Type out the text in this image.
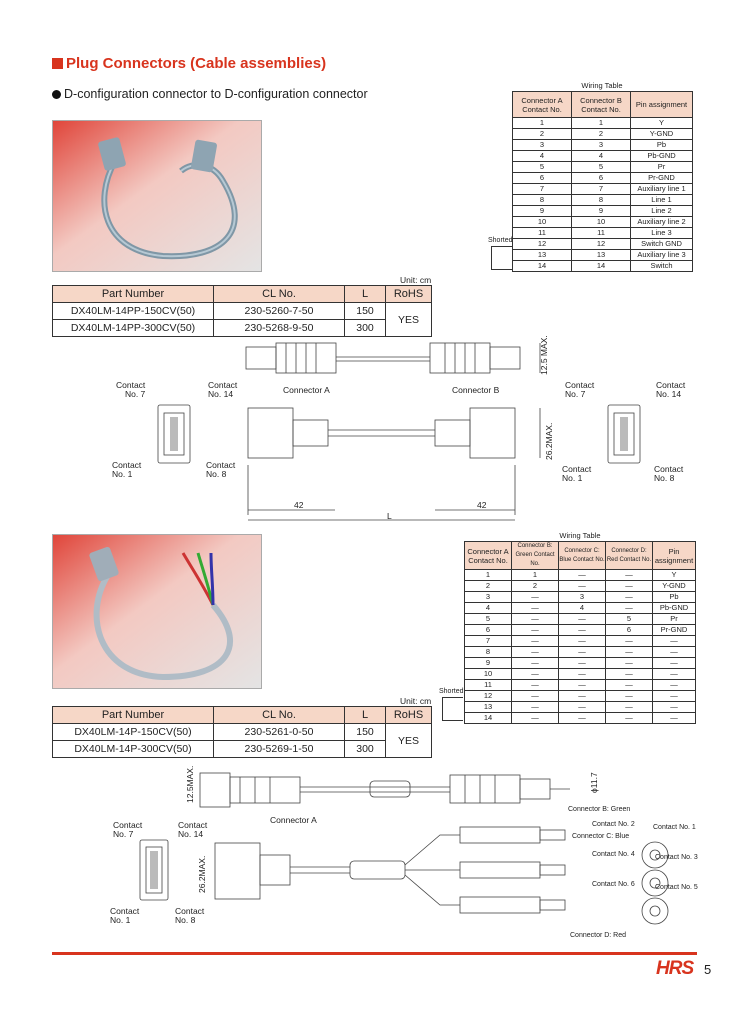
Plug Connectors (Cable assemblies)
D-configuration connector to D-configuration connector
Wiring Table
Connector A Contact No.	Connector B Contact No.	Pin assignment
1	1	Y
2	2	Y-GND
3	3	Pb
4	4	Pb-GND
5	5	Pr
6	6	Pr-GND
7	7	Auxiliary line 1
8	8	Line 1
9	9	Line 2
10	10	Auxiliary line 2
11	11	Line 3
12	12	Switch GND
13	13	Auxiliary line 3
14	14	Switch
Shorted
Unit: cm
Part Number	CL No.	L	RoHS
DX40LM-14PP-150CV(50)	230-5260-7-50	150	YES
DX40LM-14PP-300CV(50)	230-5268-9-50	300	
Contact
No. 7
Contact
No. 14
Contact
No. 1
Contact
No. 8
Connector A	Connector B	Contact
No. 7
Contact
No. 14
Contact
No. 1
Contact
No. 8
12.5 MAX.
26.2MAX.
42	42
L
Wiring Table
Connector A Contact No.	Connector B: Green Contact No.	Connector C: Blue Contact No.	Connector D: Red Contact No.	Pin assignment
1	1	—	—	Y
2	2	—	—	Y-GND
3	—	3	—	Pb
4	—	4	—	Pb-GND
5	—	—	5	Pr
6	—	—	6	Pr-GND
7	—	—	—	—
8	—	—	—	—
9	—	—	—	—
10	—	—	—	—
11	—	—	—	—
12	—	—	—	—
13	—	—	—	—
14	—	—	—	—
Shorted
Unit: cm
Part Number	CL No.	L	RoHS
DX40LM-14P-150CV(50)	230-5261-0-50	150	YES
DX40LM-14P-300CV(50)	230-5269-1-50	300	
12.5MAX.	ϕ11.7
26.2MAX.
Contact
No. 7
Contact
No. 14
Contact
No. 1
Contact
No. 8
Connector A
Connector B: Green
Connector C: Blue
Connector D: Red
Contact No. 1
Contact No. 2
Contact No. 3
Contact No. 4
Contact No. 5
Contact No. 6
HRS 5
